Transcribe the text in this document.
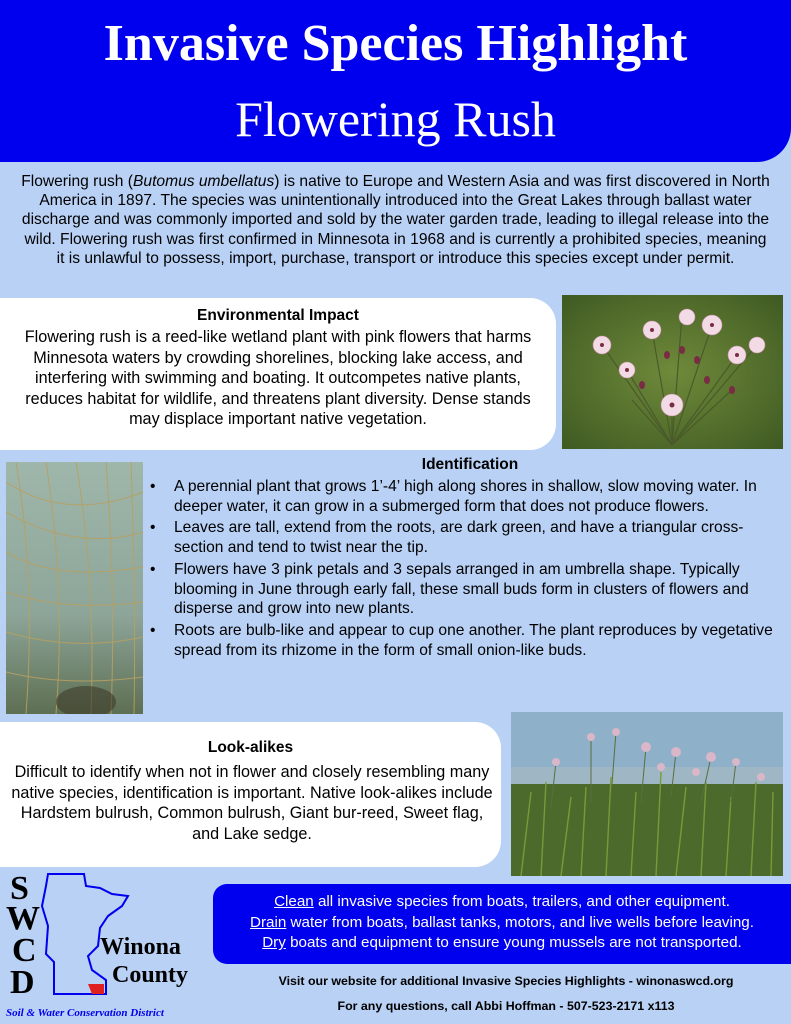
Invasive Species Highlight
Flowering Rush
Flowering rush (Butomus umbellatus) is native to Europe and Western Asia and was first discovered in North America in 1897. The species was unintentionally introduced into the Great Lakes through ballast water discharge and was commonly imported and sold by the water garden trade, leading to illegal release into the wild. Flowering rush was first confirmed in Minnesota in 1968 and is currently a prohibited species, meaning it is unlawful to possess, import, purchase, transport or introduce this species except under permit.
Environmental Impact
Flowering rush is a reed-like wetland plant with pink flowers that harms Minnesota waters by crowding shorelines, blocking lake access, and interfering with swimming and boating. It outcompetes native plants, reduces habitat for wildlife, and threatens plant diversity. Dense stands may displace important native vegetation.
Identification
• A perennial plant that grows 1’-4’ high along shores in shallow, slow moving water. In deeper water, it can grow in a submerged form that does not produce flowers.
• Leaves are tall, extend from the roots, are dark green, and have a triangular cross-section and tend to twist near the tip.
• Flowers have 3 pink petals and 3 sepals arranged in am umbrella shape. Typically blooming in June through early fall, these small buds form in clusters of flowers and disperse and grow into new plants.
• Roots are bulb-like and appear to cup one another. The plant reproduces by vegetative spread from its rhizome in the form of small onion-like buds.
Look-alikes
Difficult to identify when not in flower and closely resembling many native species, identification is important. Native look-alikes include Hardstem bulrush, Common bulrush, Giant bur-reed, Sweet flag, and Lake sedge.
S
W
C
D
Winona
County
Soil & Water Conservation District
Clean all invasive species from boats, trailers, and other equipment.
Drain water from boats, ballast tanks, motors, and live wells before leaving.
Dry boats and equipment to ensure young mussels are not transported.
Visit our website for additional Invasive Species Highlights - winonaswcd.org
For any questions, call Abbi Hoffman - 507-523-2171 x113
